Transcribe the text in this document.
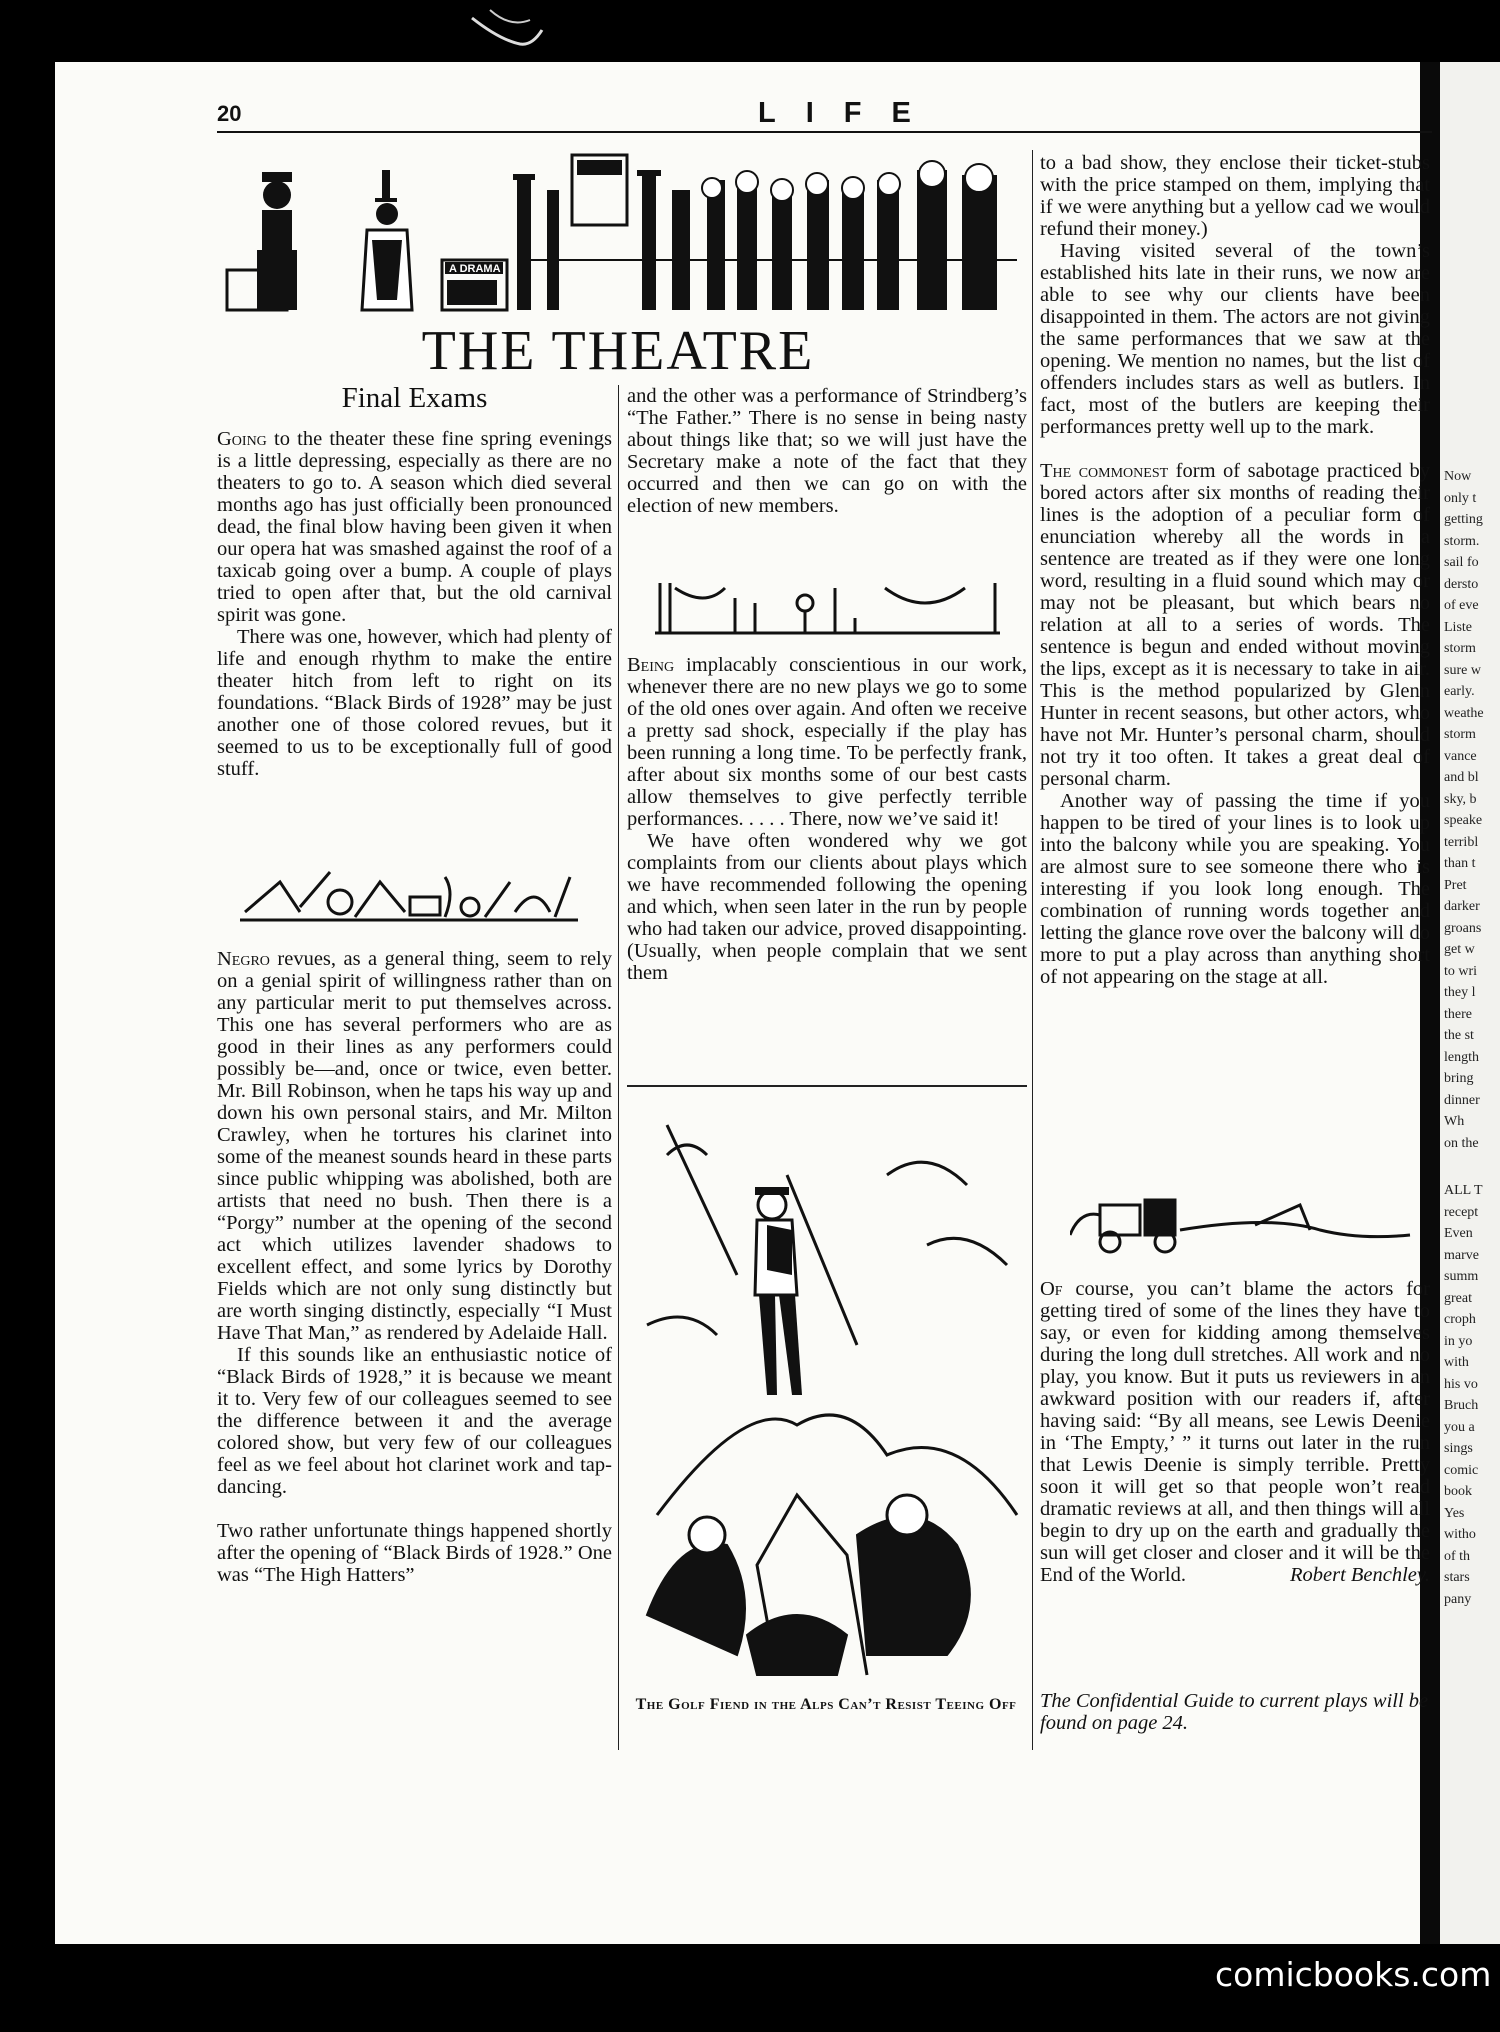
Now
only t
getting
storm.
sail fo
dersto
of eve
Liste
storm
sure w
early.
weathe
storm
vance
and bl
sky, b
speake
terribl
than t
Pret
darker
groans
get w
to wri
they l
there
the st
length
bring
dinner
Wh
on the
ALL T
recept
Even
marve
summ
great
croph
in yo
with
his vo
Bruch
you a
sings
comic
book
Yes
witho
of th
stars
pany
20	LIFE
A DRAMA
THE THEATRE
Final Exams

Going to the theater these fine spring evenings is a little depressing, especially as there are no theaters to go to. A season which died several months ago has just officially been pronounced dead, the final blow having been given it when our opera hat was smashed against the roof of a taxicab going over a bump. A couple of plays tried to open after that, but the old carnival spirit was gone.

There was one, however, which had plenty of life and enough rhythm to make the entire theater hitch from left to right on its foundations. “Black Birds of 1928” may be just another one of those colored revues, but it seemed to us to be exceptionally full of good stuff.

Negro revues, as a general thing, seem to rely on a genial spirit of willingness rather than on any particular merit to put themselves across. This one has several performers who are as good in their lines as any performers could possibly be—and, once or twice, even better. Mr. Bill Robinson, when he taps his way up and down his own personal stairs, and Mr. Milton Crawley, when he tortures his clarinet into some of the meanest sounds heard in these parts since public whipping was abolished, both are artists that need no bush. Then there is a “Porgy” number at the opening of the second act which utilizes lavender shadows to excellent effect, and some lyrics by Dorothy Fields which are not only sung distinctly but are worth singing distinctly, especially “I Must Have That Man,” as rendered by Adelaide Hall.

If this sounds like an enthusiastic notice of “Black Birds of 1928,” it is because we meant it to. Very few of our colleagues seemed to see the difference between it and the average colored show, but very few of our colleagues feel as we feel about hot clarinet work and tap-dancing.

Two rather unfortunate things happened shortly after the opening of “Black Birds of 1928.” One was “The High Hatters”

and the other was a performance of Strindberg’s “The Father.” There is no sense in being nasty about things like that; so we will just have the Secretary make a note of the fact that they occurred and then we can go on with the election of new members.

Being implacably conscientious in our work, whenever there are no new plays we go to some of the old ones over again. And often we receive a pretty sad shock, especially if the play has been running a long time. To be perfectly frank, after about six months some of our best casts allow themselves to give perfectly terrible performances. . . . . There, now we’ve said it!

We have often wondered why we got complaints from our clients about plays which we have recommended following the opening and which, when seen later in the run by people who had taken our advice, proved disappointing. (Usually, when people complain that we sent them

The Golf Fiend in the Alps Can’t Resist Teeing Off

to a bad show, they enclose their ticket-stubs with the price stamped on them, implying that if we were anything but a yellow cad we would refund their money.)

Having visited several of the town’s established hits late in their runs, we now are able to see why our clients have been disappointed in them. The actors are not giving the same performances that we saw at the opening. We mention no names, but the list of offenders includes stars as well as butlers. In fact, most of the butlers are keeping their performances pretty well up to the mark.

The commonest form of sabotage practiced by bored actors after six months of reading their lines is the adoption of a peculiar form of enunciation whereby all the words in a sentence are treated as if they were one long word, resulting in a fluid sound which may or may not be pleasant, but which bears no relation at all to a series of words. The sentence is begun and ended without moving the lips, except as it is necessary to take in air. This is the method popularized by Glenn Hunter in recent seasons, but other actors, who have not Mr. Hunter’s personal charm, should not try it too often. It takes a great deal of personal charm.

Another way of passing the time if you happen to be tired of your lines is to look up into the balcony while you are speaking. You are almost sure to see someone there who is interesting if you look long enough. The combination of running words together and letting the glance rove over the balcony will do more to put a play across than anything short of not appearing on the stage at all.

Of course, you can’t blame the actors for getting tired of some of the lines they have to say, or even for kidding among themselves during the long dull stretches. All work and no play, you know. But it puts us reviewers in an awkward position with our readers if, after having said: “By all means, see Lewis Deenie in ‘The Empty,’ ” it turns out later in the run that Lewis Deenie is simply terrible. Pretty soon it will get so that people won’t read dramatic reviews at all, and then things will all begin to dry up on the earth and gradually the sun will get closer and closer and it will be the End of the World.	Robert Benchley.

The Confidential Guide to current plays will be found on page 24.
comicbooks.com
